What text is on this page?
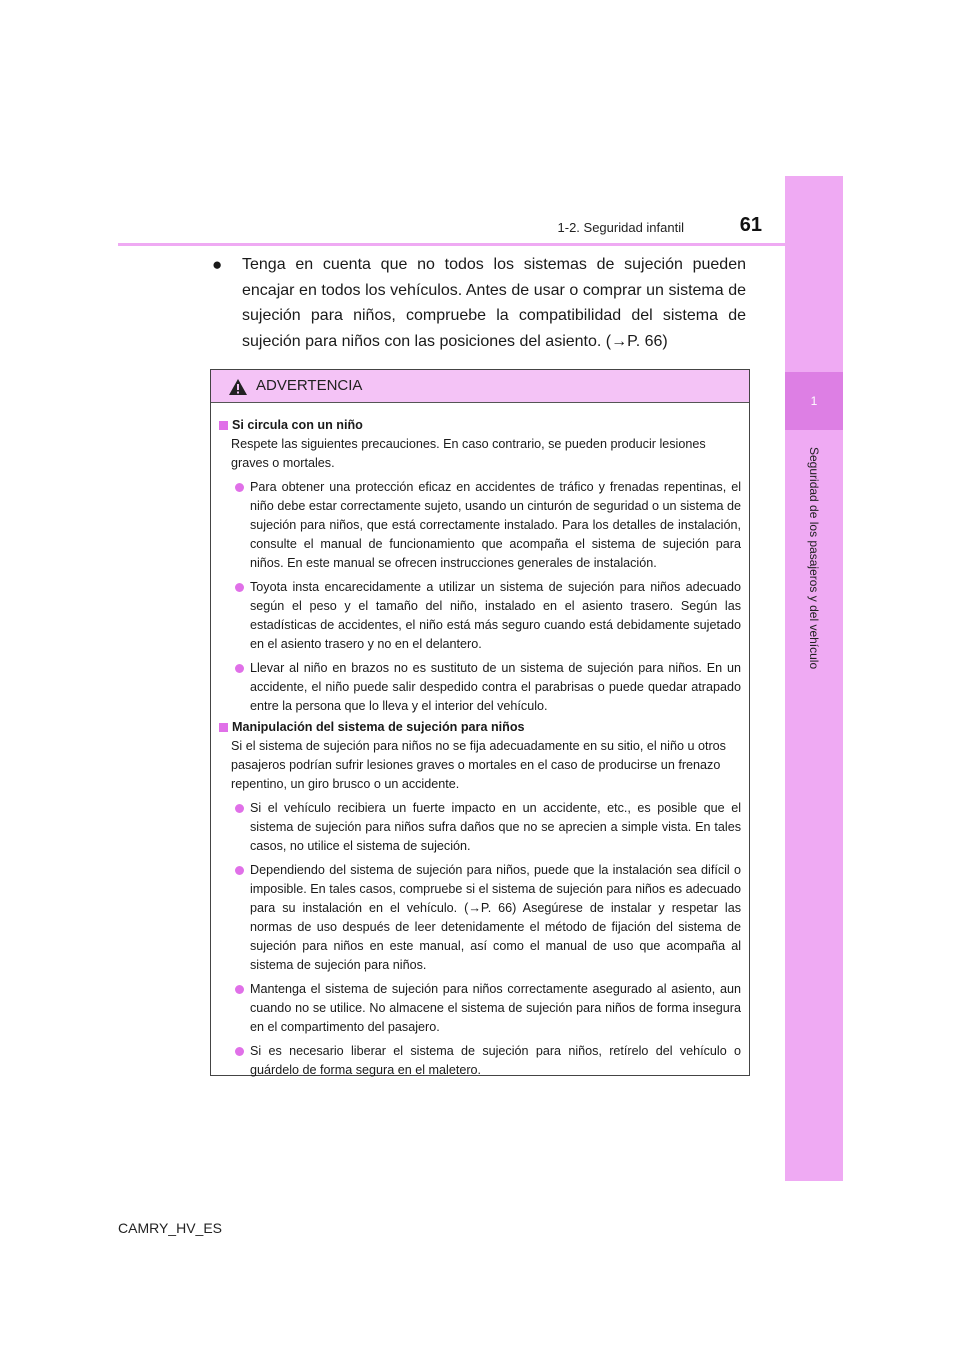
1
Seguridad de los pasajeros y del vehículo
1-2. Seguridad infantil	61
● Tenga en cuenta que no todos los sistemas de sujeción pueden encajar en todos los vehículos. Antes de usar o comprar un sistema de sujeción para niños, compruebe la compatibilidad del sistema de sujeción para niños con las posiciones del asiento. (→P. 66)
ADVERTENCIA
Si circula con un niño
Respete las siguientes precauciones. En caso contrario, se pueden producir lesiones graves o mortales.
Para obtener una protección eficaz en accidentes de tráfico y frenadas repentinas, el niño debe estar correctamente sujeto, usando un cinturón de seguridad o un sistema de sujeción para niños, que está correctamente instalado. Para los detalles de instalación, consulte el manual de funcionamiento que acompaña el sistema de sujeción para niños. En este manual se ofrecen instrucciones generales de instalación.
Toyota insta encarecidamente a utilizar un sistema de sujeción para niños adecuado según el peso y el tamaño del niño, instalado en el asiento trasero. Según las estadísticas de accidentes, el niño está más seguro cuando está debidamente sujetado en el asiento trasero y no en el delantero.
Llevar al niño en brazos no es sustituto de un sistema de sujeción para niños. En un accidente, el niño puede salir despedido contra el parabrisas o puede quedar atrapado entre la persona que lo lleva y el interior del vehículo.
Manipulación del sistema de sujeción para niños
Si el sistema de sujeción para niños no se fija adecuadamente en su sitio, el niño u otros pasajeros podrían sufrir lesiones graves o mortales en el caso de producirse un frenazo repentino, un giro brusco o un accidente.
Si el vehículo recibiera un fuerte impacto en un accidente, etc., es posible que el sistema de sujeción para niños sufra daños que no se aprecien a simple vista. En tales casos, no utilice el sistema de sujeción.
Dependiendo del sistema de sujeción para niños, puede que la instalación sea difícil o imposible. En tales casos, compruebe si el sistema de sujeción para niños es adecuado para su instalación en el vehículo. (→P. 66) Asegúrese de instalar y respetar las normas de uso después de leer detenidamente el método de fijación del sistema de sujeción para niños en este manual, así como el manual de uso que acompaña al sistema de sujeción para niños.
Mantenga el sistema de sujeción para niños correctamente asegurado al asiento, aun cuando no se utilice. No almacene el sistema de sujeción para niños de forma insegura en el compartimento del pasajero.
Si es necesario liberar el sistema de sujeción para niños, retírelo del vehículo o guárdelo de forma segura en el maletero.
CAMRY_HV_ES
